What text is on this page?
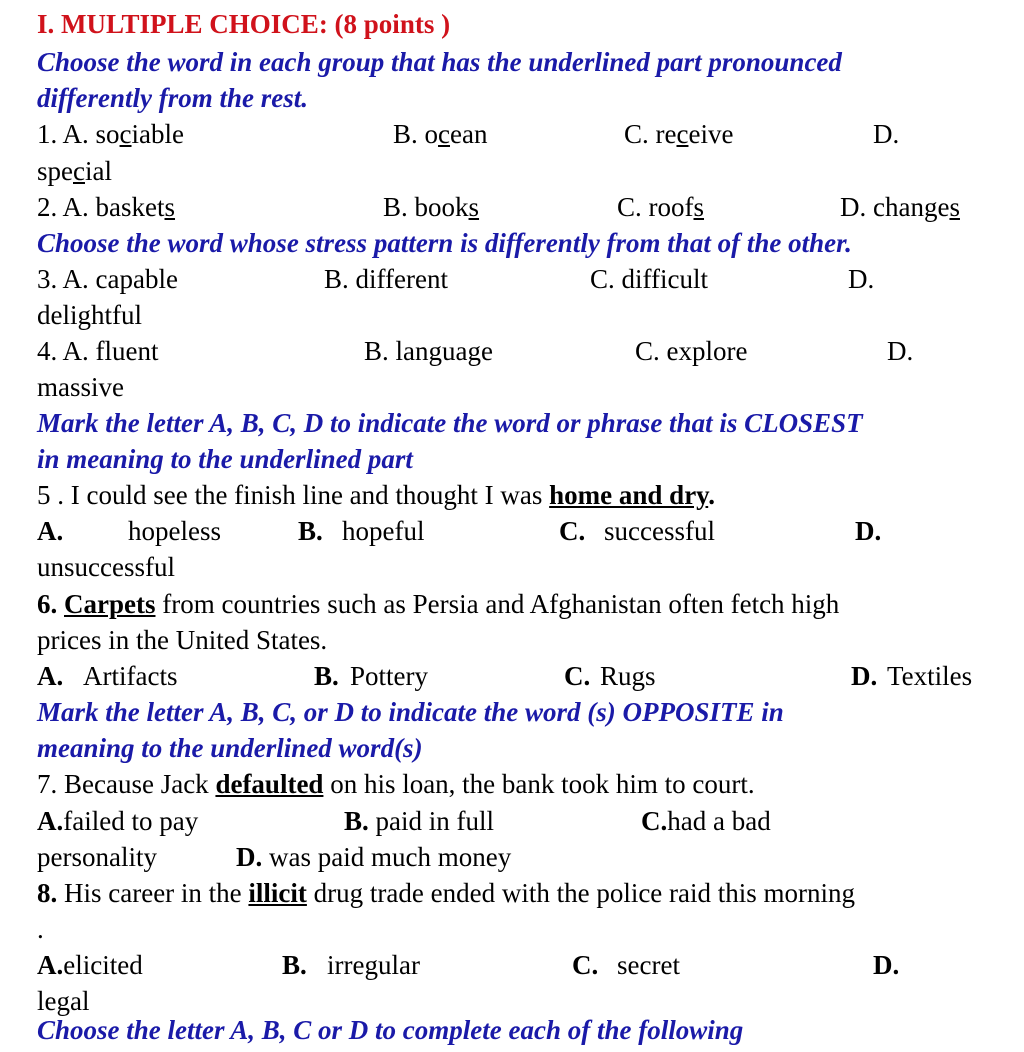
I. MULTIPLE CHOICE: (8 points )
Choose the word in each group that has the underlined part pronounced
differently from the rest.
1. A. sociable	B. ocean	C. receive	D.
special
2. A. baskets	B. books	C. roofs	D. changes
Choose the word whose stress pattern is differently from that of the other.
3. A. capable	B. different	C. difficult	D.
delightful
4. A. fluent	B. language	C. explore	D.
massive
Mark the letter A, B, C, D to indicate the word or phrase that is CLOSEST
in meaning to the underlined part
5 . I could see the finish line and thought I was home and dry.
A. hopeless	B. hopeful	C. successful	D.
unsuccessful
6. Carpets from countries such as Persia and Afghanistan often fetch high
prices in the United States.
A. Artifacts	B. Pottery	C. Rugs	D. Textiles
Mark the letter A, B, C, or D to indicate the word (s) OPPOSITE in
meaning to the underlined word(s)
7. Because Jack defaulted on his loan, the bank took him to court.
A.failed to pay	B. paid in full	C.had a bad
personality	D. was paid much money
8. His career in the illicit drug trade ended with the police raid this morning
.
A.elicited	B. irregular	C. secret	D.
legal
Choose the letter A, B, C or D to complete each of the following
